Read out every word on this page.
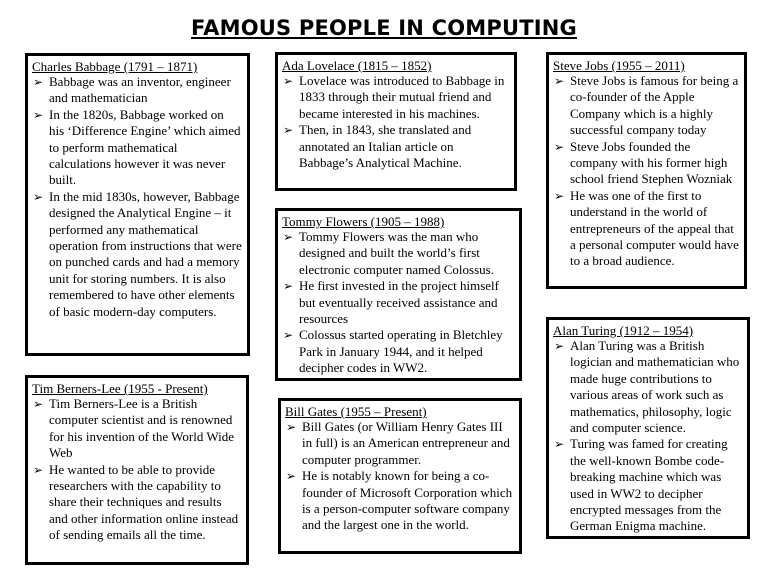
FAMOUS PEOPLE IN COMPUTING
Charles Babbage (1791 – 1871)
➢ Babbage was an inventor, engineer and mathematician
➢ In the 1820s, Babbage worked on his ‘Difference Engine’ which aimed to perform mathematical calculations however it was never built.
➢ In the mid 1830s, however, Babbage designed the Analytical Engine – it performed any mathematical operation from instructions that were on punched cards and had a memory unit for storing numbers. It is also remembered to have other elements of basic modern-day computers.
Ada Lovelace (1815 – 1852)
➢ Lovelace was introduced to Babbage in 1833 through their mutual friend and became interested in his machines.
➢ Then, in 1843, she translated and annotated an Italian article on Babbage’s Analytical Machine.
Steve Jobs (1955 – 2011)
➢ Steve Jobs is famous for being a co-founder of the Apple Company which is a highly successful company today
➢ Steve Jobs founded the company with his former high school friend Stephen Wozniak
➢ He was one of the first to understand in the world of entrepreneurs of the appeal that a personal computer would have to a broad audience.
Tommy Flowers (1905 – 1988)
➢ Tommy Flowers was the man who designed and built the world’s first electronic computer named Colossus.
➢ He first invested in the project himself but eventually received assistance and resources
➢ Colossus started operating in Bletchley Park in January 1944, and it helped decipher codes in WW2.
Alan Turing (1912 – 1954)
➢ Alan Turing was a British logician and mathematician who made huge contributions to various areas of work such as mathematics, philosophy, logic and computer science.
➢ Turing was famed for creating the well-known Bombe code-breaking machine which was used in WW2 to decipher encrypted messages from the German Enigma machine.
Tim Berners-Lee (1955 - Present)
➢ Tim Berners-Lee is a British computer scientist and is renowned for his invention of the World Wide Web
➢ He wanted to be able to provide researchers with the capability to share their techniques and results and other information online instead of sending emails all the time.
Bill Gates (1955 – Present)
➢ Bill Gates (or William Henry Gates III in full) is an American entrepreneur and computer programmer.
➢ He is notably known for being a co-founder of Microsoft Corporation which is a person-computer software company and the largest one in the world.
